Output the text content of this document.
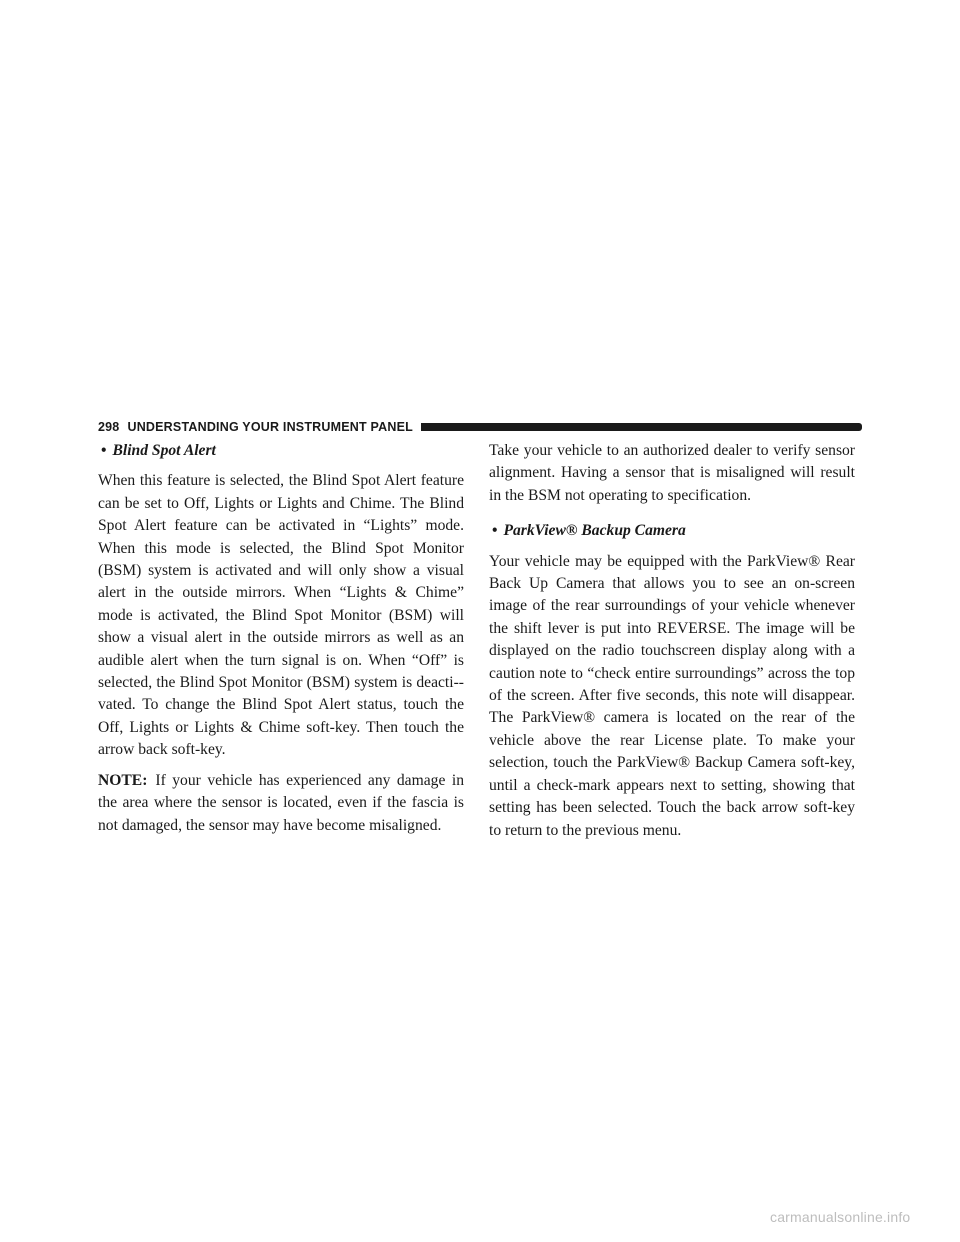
298 UNDERSTANDING YOUR INSTRUMENT PANEL

• Blind Spot Alert

When this feature is selected, the Blind Spot Alert feature can be set to Off, Lights or Lights and Chime. The Blind Spot Alert feature can be activated in “Lights” mode. When this mode is selected, the Blind Spot Monitor (BSM) system is activated and will only show a visual alert in the outside mirrors. When “Lights & Chime” mode is activated, the Blind Spot Monitor (BSM) will show a visual alert in the outside mirrors as well as an audible alert when the turn signal is on. When “Off” is selected, the Blind Spot Monitor (BSM) system is deacti-vated. To change the Blind Spot Alert status, touch the Off, Lights or Lights & Chime soft-key. Then touch the arrow back soft-key.

NOTE: If your vehicle has experienced any damage in the area where the sensor is located, even if the fascia is not damaged, the sensor may have become misaligned.

Take your vehicle to an authorized dealer to verify sensor alignment. Having a sensor that is misaligned will result in the BSM not operating to specification.

• ParkView® Backup Camera

Your vehicle may be equipped with the ParkView® Rear Back Up Camera that allows you to see an on-screen image of the rear surroundings of your vehicle whenever the shift lever is put into REVERSE. The image will be displayed on the radio touchscreen display along with a caution note to “check entire surroundings” across the top of the screen. After five seconds, this note will disappear. The ParkView® camera is located on the rear of the vehicle above the rear License plate. To make your selection, touch the ParkView® Backup Camera soft-key, until a check-mark appears next to setting, showing that setting has been selected. Touch the back arrow soft-key to return to the previous menu.

carmanualsonline.info
